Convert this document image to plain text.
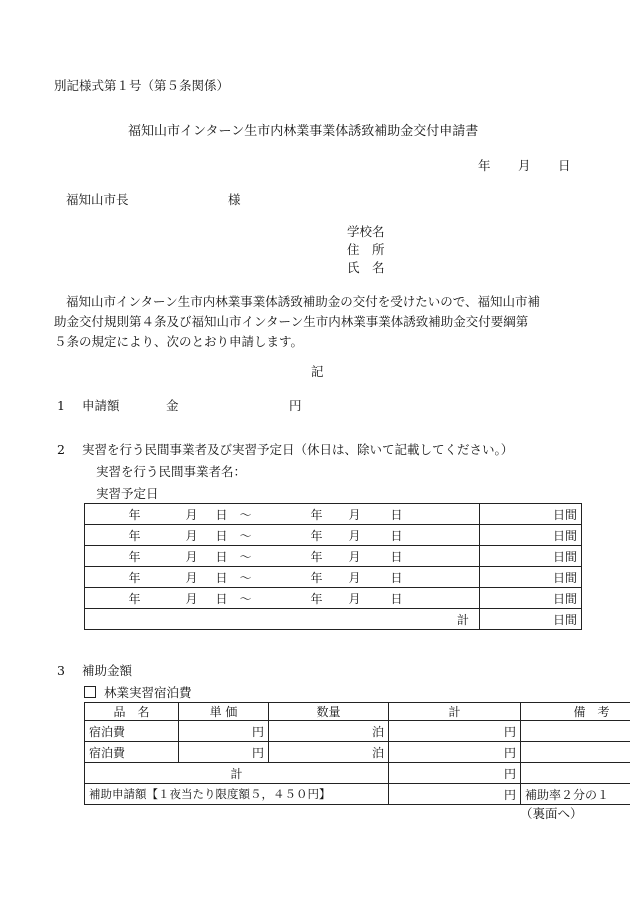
別記様式第１号（第５条関係）
福知山市インターン生市内林業事業体誘致補助金交付申請書
年 月 日
福知山市長	様
学校名
住　所
氏　名

福知山市インターン生市内林業事業体誘致補助金の交付を受けたいので、福知山市補

助金交付規則第４条及び福知山市インターン生市内林業事業体誘致補助金交付要綱第

５条の規定により、次のとおり申請します。

記
1 申請額	金	円
2 実習を行う民間事業者及び実習予定日（休日は、除いて記載してください。）
実習を行う民間事業者名：
実習予定日
年	月	日　～	年	月	日		日間
年	月	日　～	年	月	日		日間
年	月	日　～	年	月	日		日間
年	月	日　～	年	月	日		日間
年	月	日　～	年	月	日		日間
計							日間
3 補助金額
林業実習宿泊費
品　名	単 価	数量	計	備　考
宿泊費	円	泊	円	
宿泊費	円	泊	円	
計			円	
補助申請額【１夜当たり限度額５，４５０円】			円	補助率２分の１
（裏面へ）
